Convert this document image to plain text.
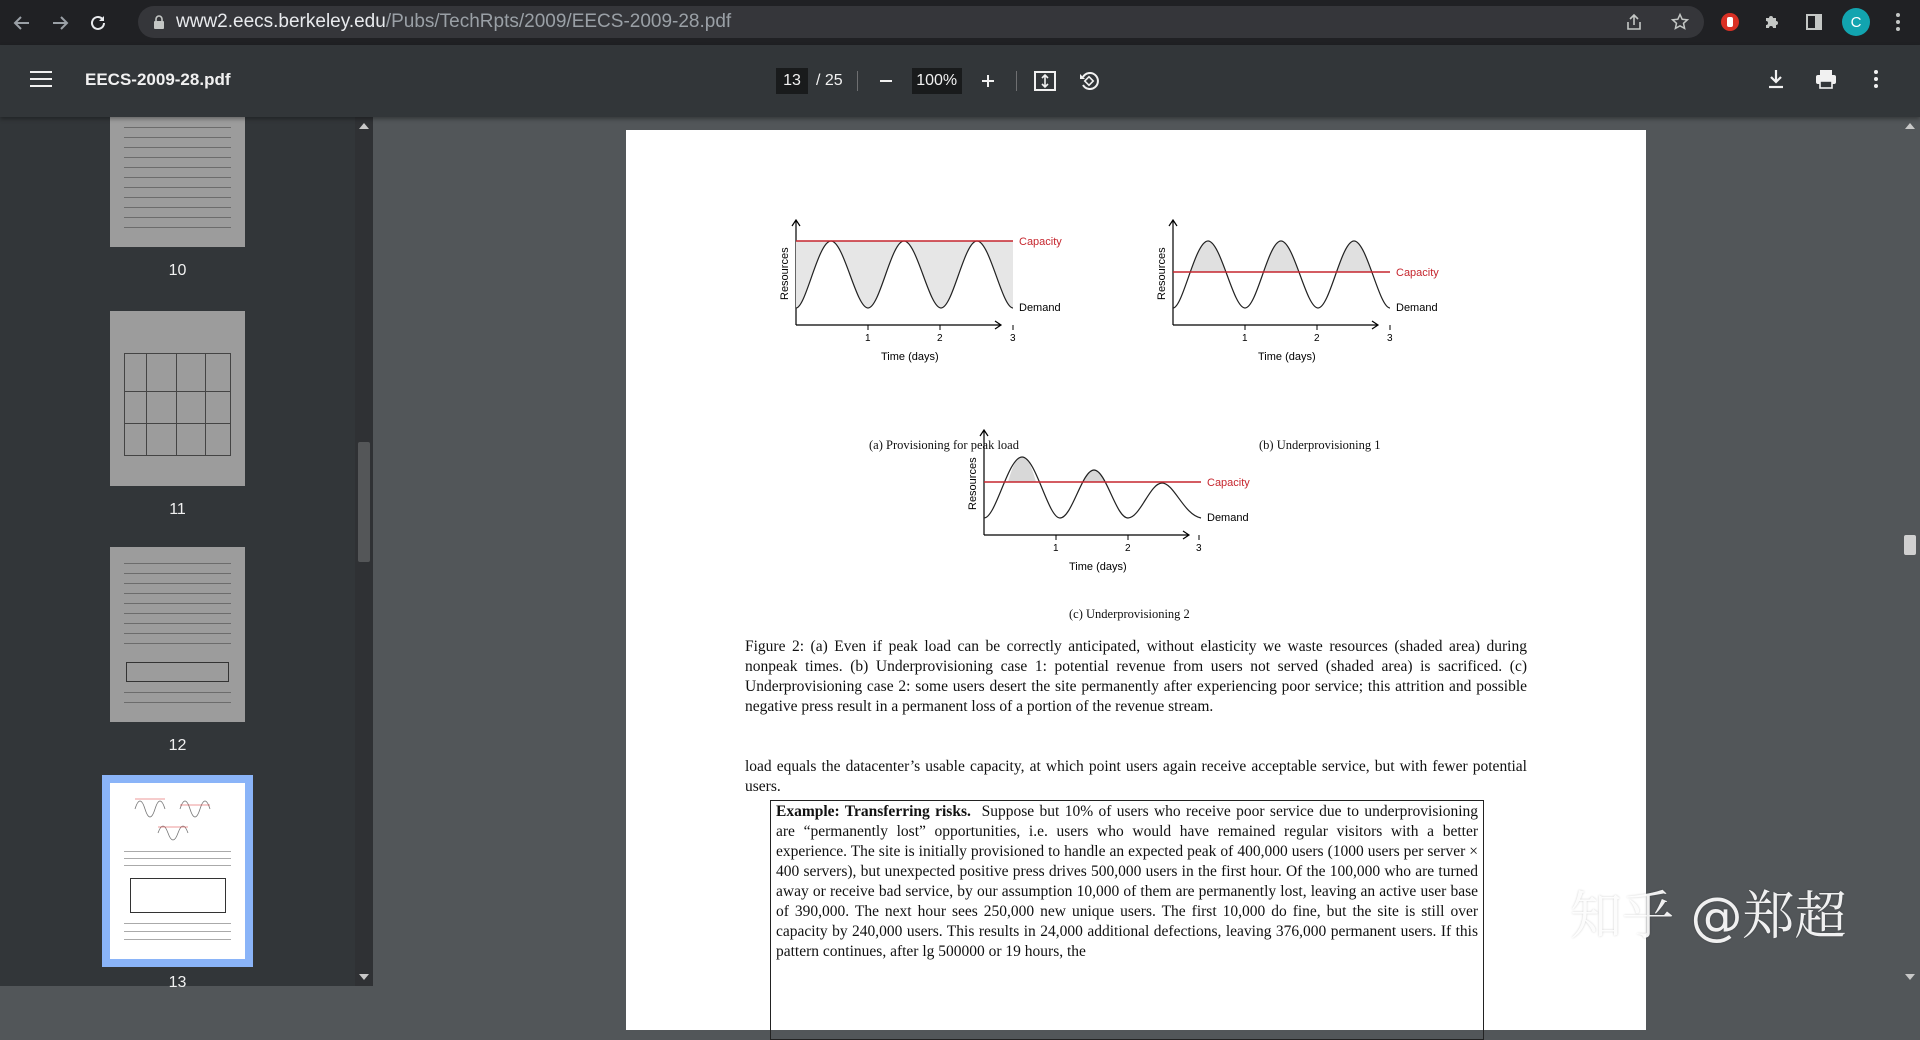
www2.eecs.berkeley.edu/Pubs/TechRpts/2009/EECS-2009-28.pdf	C
EECS-2009-28.pdf
13	/ 25
100%
10
11
12
13
Capacity
Demand
1	2	3
Time (days)
Resources
(a) Provisioning for peak load
Capacity
Demand
1	2	3
Time (days)
Resources
(b) Underprovisioning 1
Capacity
Demand
1	2	3
Time (days)
Resources
(c) Underprovisioning 2
Figure 2: (a) Even if peak load can be correctly anticipated, without elasticity we waste resources (shaded area) during nonpeak times. (b) Underprovisioning case 1: potential revenue from users not served (shaded area) is sacrificed. (c) Underprovisioning case 2: some users desert the site permanently after experiencing poor service; this attrition and possible negative press result in a permanent loss of a portion of the revenue stream.
load equals the datacenter’s usable capacity, at which point users again receive acceptable service, but with fewer potential users.
Example: Transferring risks. Suppose but 10% of users who receive poor service due to underprovisioning are “permanently lost” opportunities, i.e. users who would have remained regular visitors with a better experience. The site is initially provisioned to handle an expected peak of 400,000 users (1000 users per server × 400 servers), but unexpected positive press drives 500,000 users in the first hour. Of the 100,000 who are turned away or receive bad service, by our assumption 10,000 of them are permanently lost, leaving an active user base of 390,000. The next hour sees 250,000 new unique users. The first 10,000 do fine, but the site is still over capacity by 240,000 users. This results in 24,000 additional defections, leaving 376,000 permanent users. If this pattern continues, after lg 500000 or 19 hours, the
知乎 @郑超
